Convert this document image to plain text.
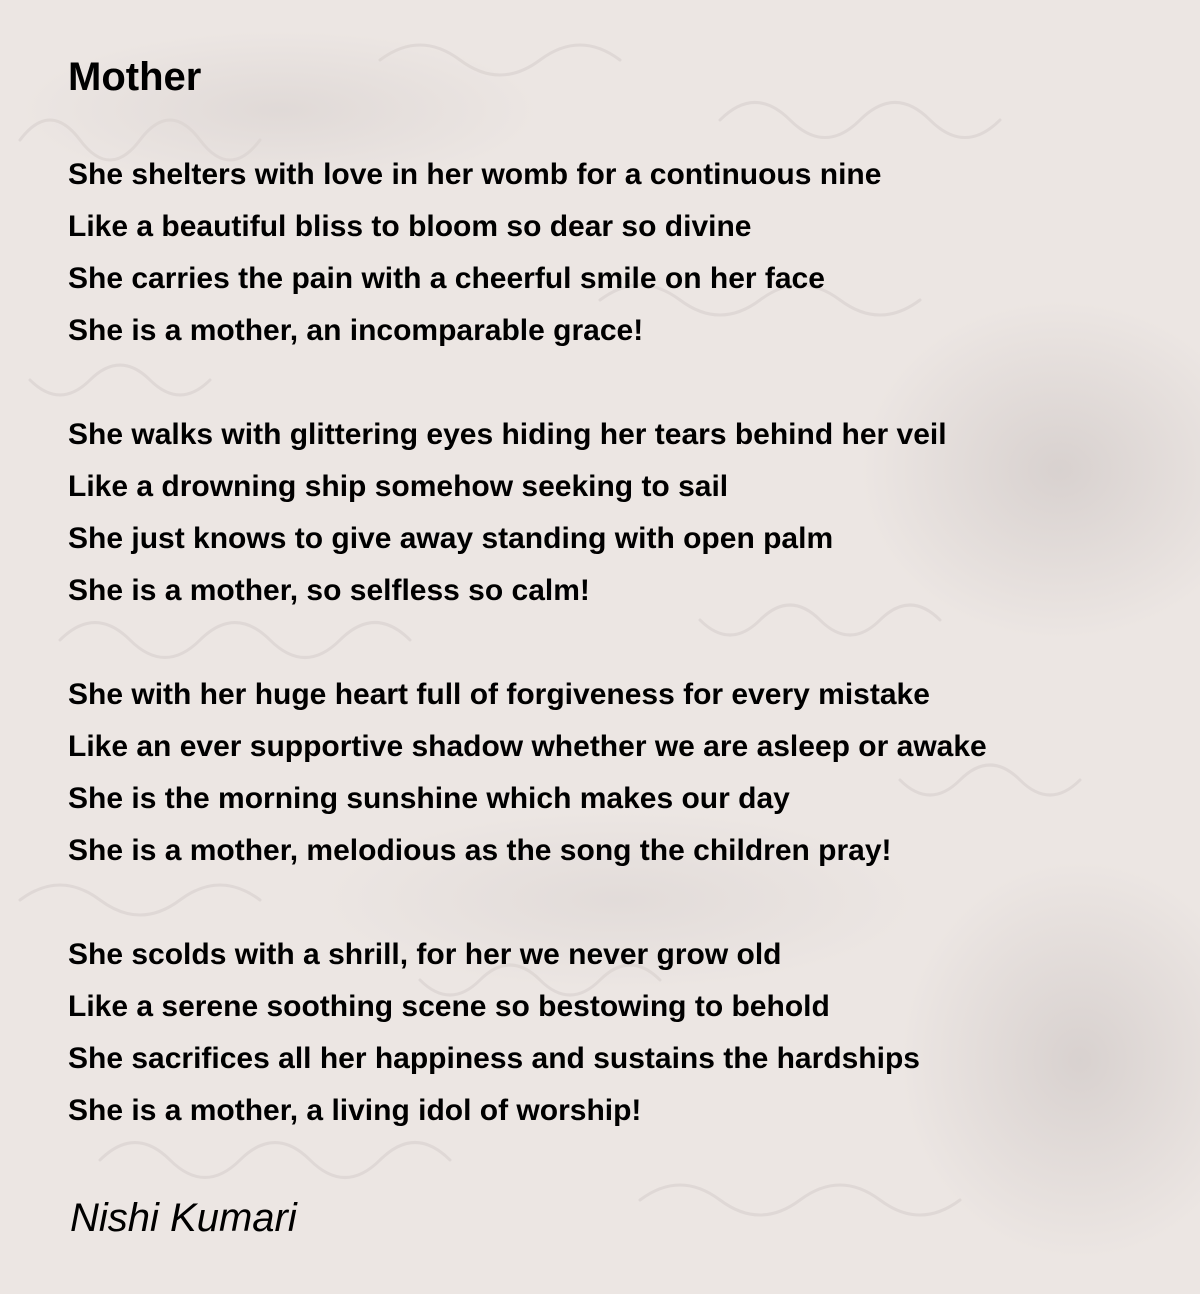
Mother
She shelters with love in her womb for a continuous nine
Like a beautiful bliss to bloom so dear so divine
She carries the pain with a cheerful smile on her face
She is a mother, an incomparable grace!
She walks with glittering eyes hiding her tears behind her veil
Like a drowning ship somehow seeking to sail
She just knows to give away standing with open palm
She is a mother, so selfless so calm!
She with her huge heart full of forgiveness for every mistake
Like an ever supportive shadow whether we are asleep or awake
She is the morning sunshine which makes our day
She is a mother, melodious as the song the children pray!
She scolds with a shrill, for her we never grow old
Like a serene soothing scene so bestowing to behold
She sacrifices all her happiness and sustains the hardships
She is a mother, a living idol of worship!
Nishi Kumari
